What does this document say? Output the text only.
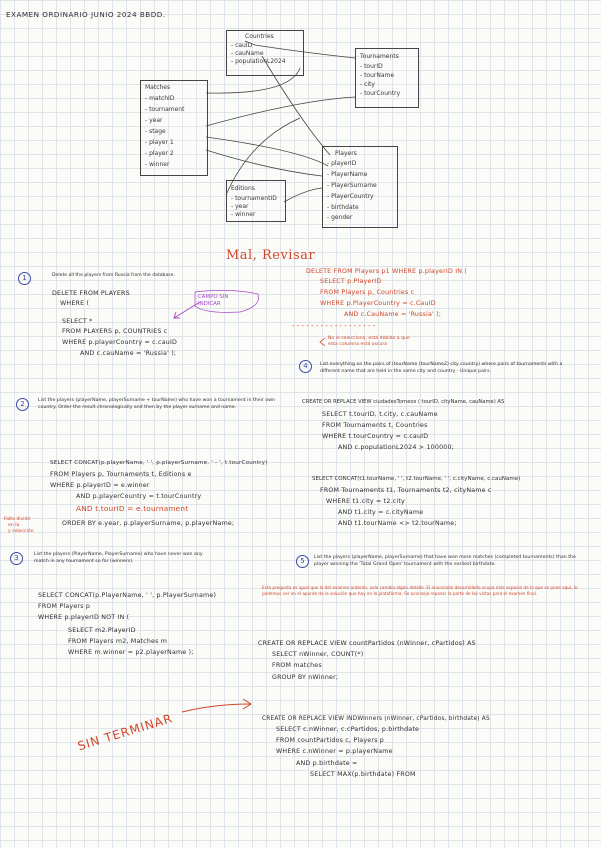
EXAMEN ORDINARIO JUNIO 2024 BBDD.
Countries
- cauID
- cauName
- populationL2024
Tournaments
- tourID
- tourName
- city
- tourCountry
Matches
- matchID
- tournament
- year
- stage
- player 1
- player 2
- winner
Players
- playerID
- PlayerName
- PlayerSurname
- PlayerCountry
- birthdate
- gender
Editions
- tournamentID
- year
- winner
Mal, Revisar
1	Delete all the players from Russia from the database.
DELETE FROM PLAYERS
WHERE (
SELECT *
FROM PLAYERS p, COUNTRIES c
WHERE p.playerCountry = c.cauID
AND c.cauName = 'Russia' );
CAMPO SIN
INDICAR
DELETE FROM Players p1 WHERE p.playerID IN (
SELECT p.PlayerID
FROM Players p, Countries c
WHERE p.PlayerCountry = c.CauID
AND c.CauName = 'Russia' );
- - - - - - - - - - - - - - - - - -
No lo selecciona, está debido a que
esta columna está oscura
4	List everything on the pairs of (tourName (tourName2) city country) where pairs of tournaments with a different name that are held in the same city and country - Unique pairs.
CREATE OR REPLACE VIEW ciudadesTorneos ( tourID, cityName, cauName) AS
SELECT t.tourID, t.city, c.cauName
FROM Tournaments t, Countries
WHERE t.tourCountry = c.cauID
AND c.populationL2024 > 100000;
SELECT CONCAT(t1.tourName, ' ', t2.tourName, ' ', c.cityName, c.cauName)
FROM Tournaments t1, Tournaments t2, cityName c
WHERE t1.city = t2.city
AND t1.city = c.cityName
AND t1.tourName <> t2.tourName;
2	List the players (playerName, playerSurname + tourName) who have won a tournament in their own country. Order the result chronologically and then by the player surname and name.
SELECT CONCAT(p.playerName, ' ', p.playerSurname, ' - ', t.tourCountry)
FROM Players p, Tournaments t, Editions e
WHERE p.playerID = e.winner
AND p.playerCountry = t.tourCountry
AND t.tourID = e.tournament
ORDER BY e.year, p.playerSurname, p.playerName;
Falta dividir
en la
y selección
3	List the players (PlayerName, PlayerSurname) who have never won any match in any tournament so far (winners).
SELECT CONCAT(p.PlayerName, ' ', p.PlayerSurname)
FROM Players p
WHERE p.playerID NOT IN (
SELECT m2.PlayerID
FROM Players m2, Matches m
WHERE m.winner = p2.playerName );
5	List the players (playerName, playerSurname) that have won more matches (completed tournaments) than the player winning the 'Total Grand Open' tournament with the earliest birthdate.
Esta pregunta es igual que la del examen anterior, solo cambia algún detalle. El enunciado desarrollado ocupa más espacio de lo que se pone aquí, lo podemos ver en el apunte de la solución que hay en la plataforma. Se aconseja repasar la parte de las vistas para el examen final.
CREATE OR REPLACE VIEW countPartidos (nWinner, cPartidos) AS
SELECT nWinner, COUNT(*)
FROM matches
GROUP BY nWinner;
CREATE OR REPLACE VIEW INDWinners (nWinner, cPartidos, birthdate) AS
SELECT c.nWinner, c.cPartidos, p.birthdate
FROM countPartidos c, Players p
WHERE c.nWinner = p.playerName
AND p.birthdate =
SELECT MAX(p.birthdate) FROM
SIN TERMINAR
